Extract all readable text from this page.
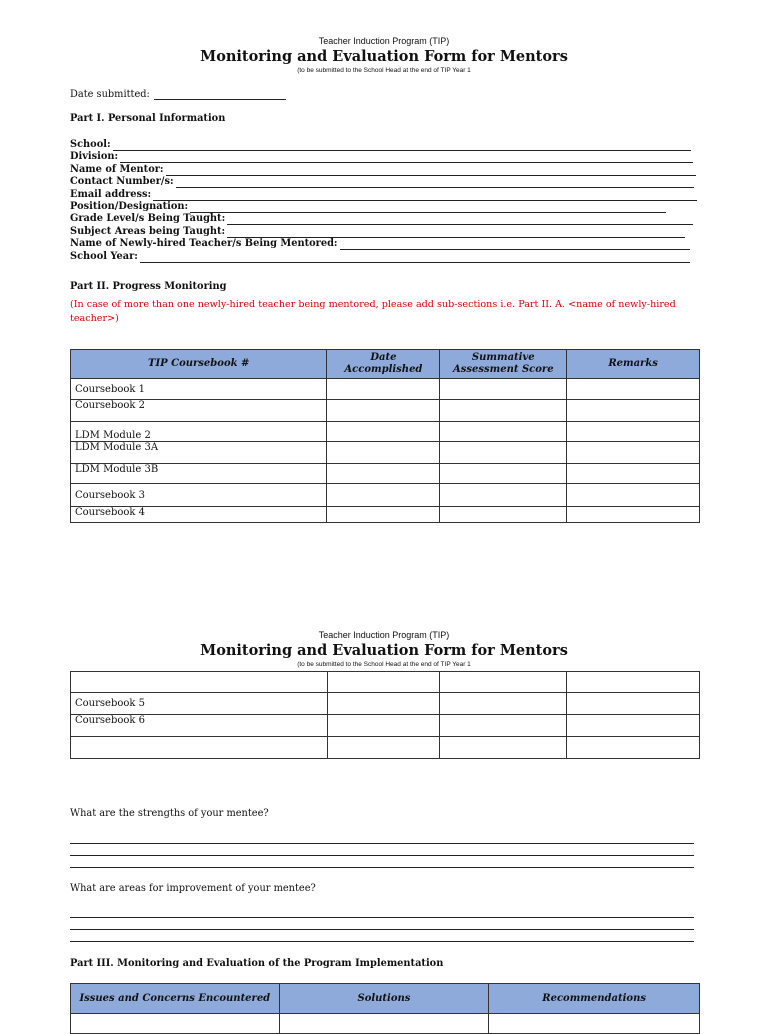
Teacher Induction Program (TIP)
Monitoring and Evaluation Form for Mentors
(to be submitted to the School Head at the end of TIP Year 1
Date submitted:
Part I. Personal Information
School:
Division:
Name of Mentor:
Contact Number/s:
Email address:
Position/Designation:
Grade Level/s Being Taught:
Subject Areas being Taught:
Name of Newly-hired Teacher/s Being Mentored:
School Year:
Part II. Progress Monitoring
(In case of more than one newly-hired teacher being mentored, please add sub-sections i.e. Part II. A. <name of newly-hired teacher>)
TIP Coursebook #	Date Accomplished	Summative Assessment Score	Remarks
Coursebook 1			
Coursebook 2			
LDM Module 2			
LDM Module 3A			
LDM Module 3B			
Coursebook 3			
Coursebook 4			
Teacher Induction Program (TIP)
Monitoring and Evaluation Form for Mentors
(to be submitted to the School Head at the end of TIP Year 1

Coursebook 5			
Coursebook 6			

What are the strengths of your mentee?
What are areas for improvement of your mentee?
Part III. Monitoring and Evaluation of the Program Implementation
Issues and Concerns Encountered	Solutions	Recommendations
